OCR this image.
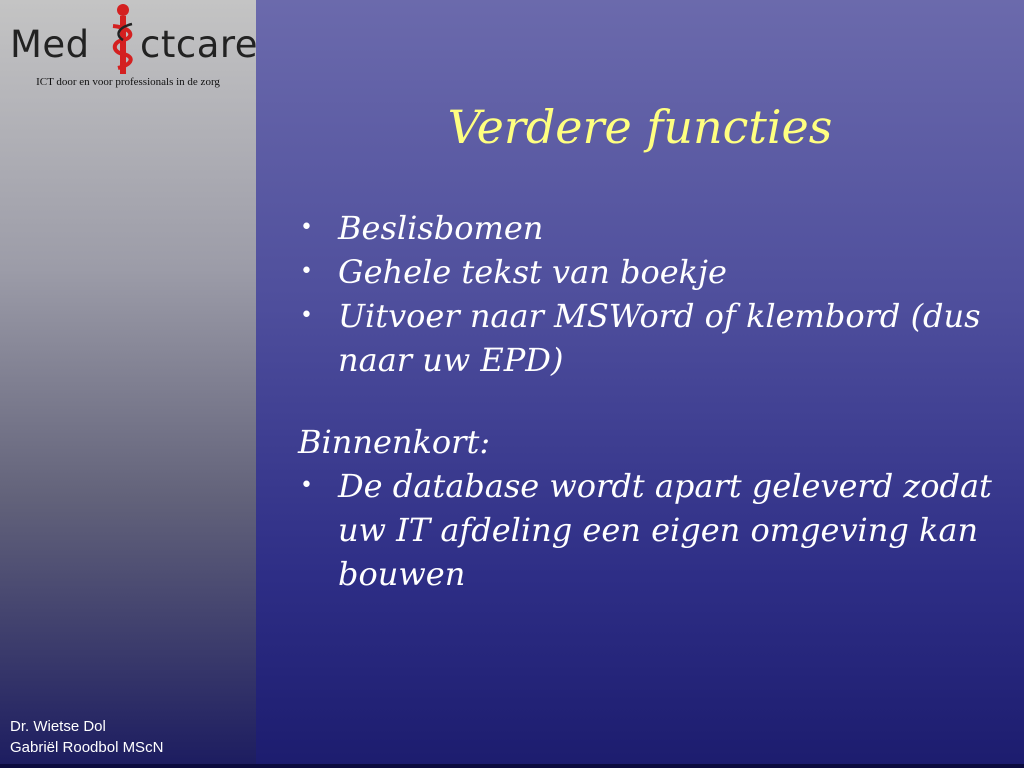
Med ctcare
ICT door en voor professionals in de zorg
Dr. Wietse Dol
Gabriël Roodbol MScN
Verdere functies
• Beslisbomen
• Gehele tekst van boekje
• Uitvoer naar MSWord of klembord (dus naar uw EPD)

Binnenkort:

• De database wordt apart geleverd zodat uw IT afdeling een eigen omgeving kan bouwen
